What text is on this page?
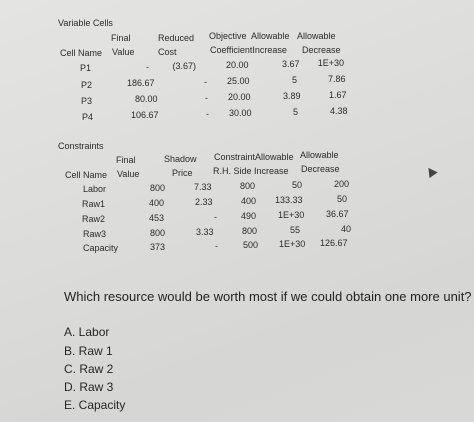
Variable Cells
Final	Reduced Objective Allowable Allowable
Cell Name Value	Cost	CoefficientIncrease Decrease
P1	-	(3.67)	20.00	3.67	1E+30
P2	186.67	- 25.00	5	7.86
P3	80.00	- 20.00	3.89	1.67
P4	106.67	- 30.00	5	4.38
Constraints
Final	Shadow ConstraintAllowable Allowable
Cell Name Value	Price R.H. Side Increase Decrease
Labor	800	7.33	800	50	200
Raw1	400	2.33	400 133.33	50
Raw2	453	-	490 1E+30 36.67
Raw3	800	3.33	800	55	40
Capacity	373	-	500 1E+30 126.67
Which resource would be worth most if we could obtain one more unit?
A. Labor
B. Raw 1
C. Raw 2
D. Raw 3
E. Capacity
